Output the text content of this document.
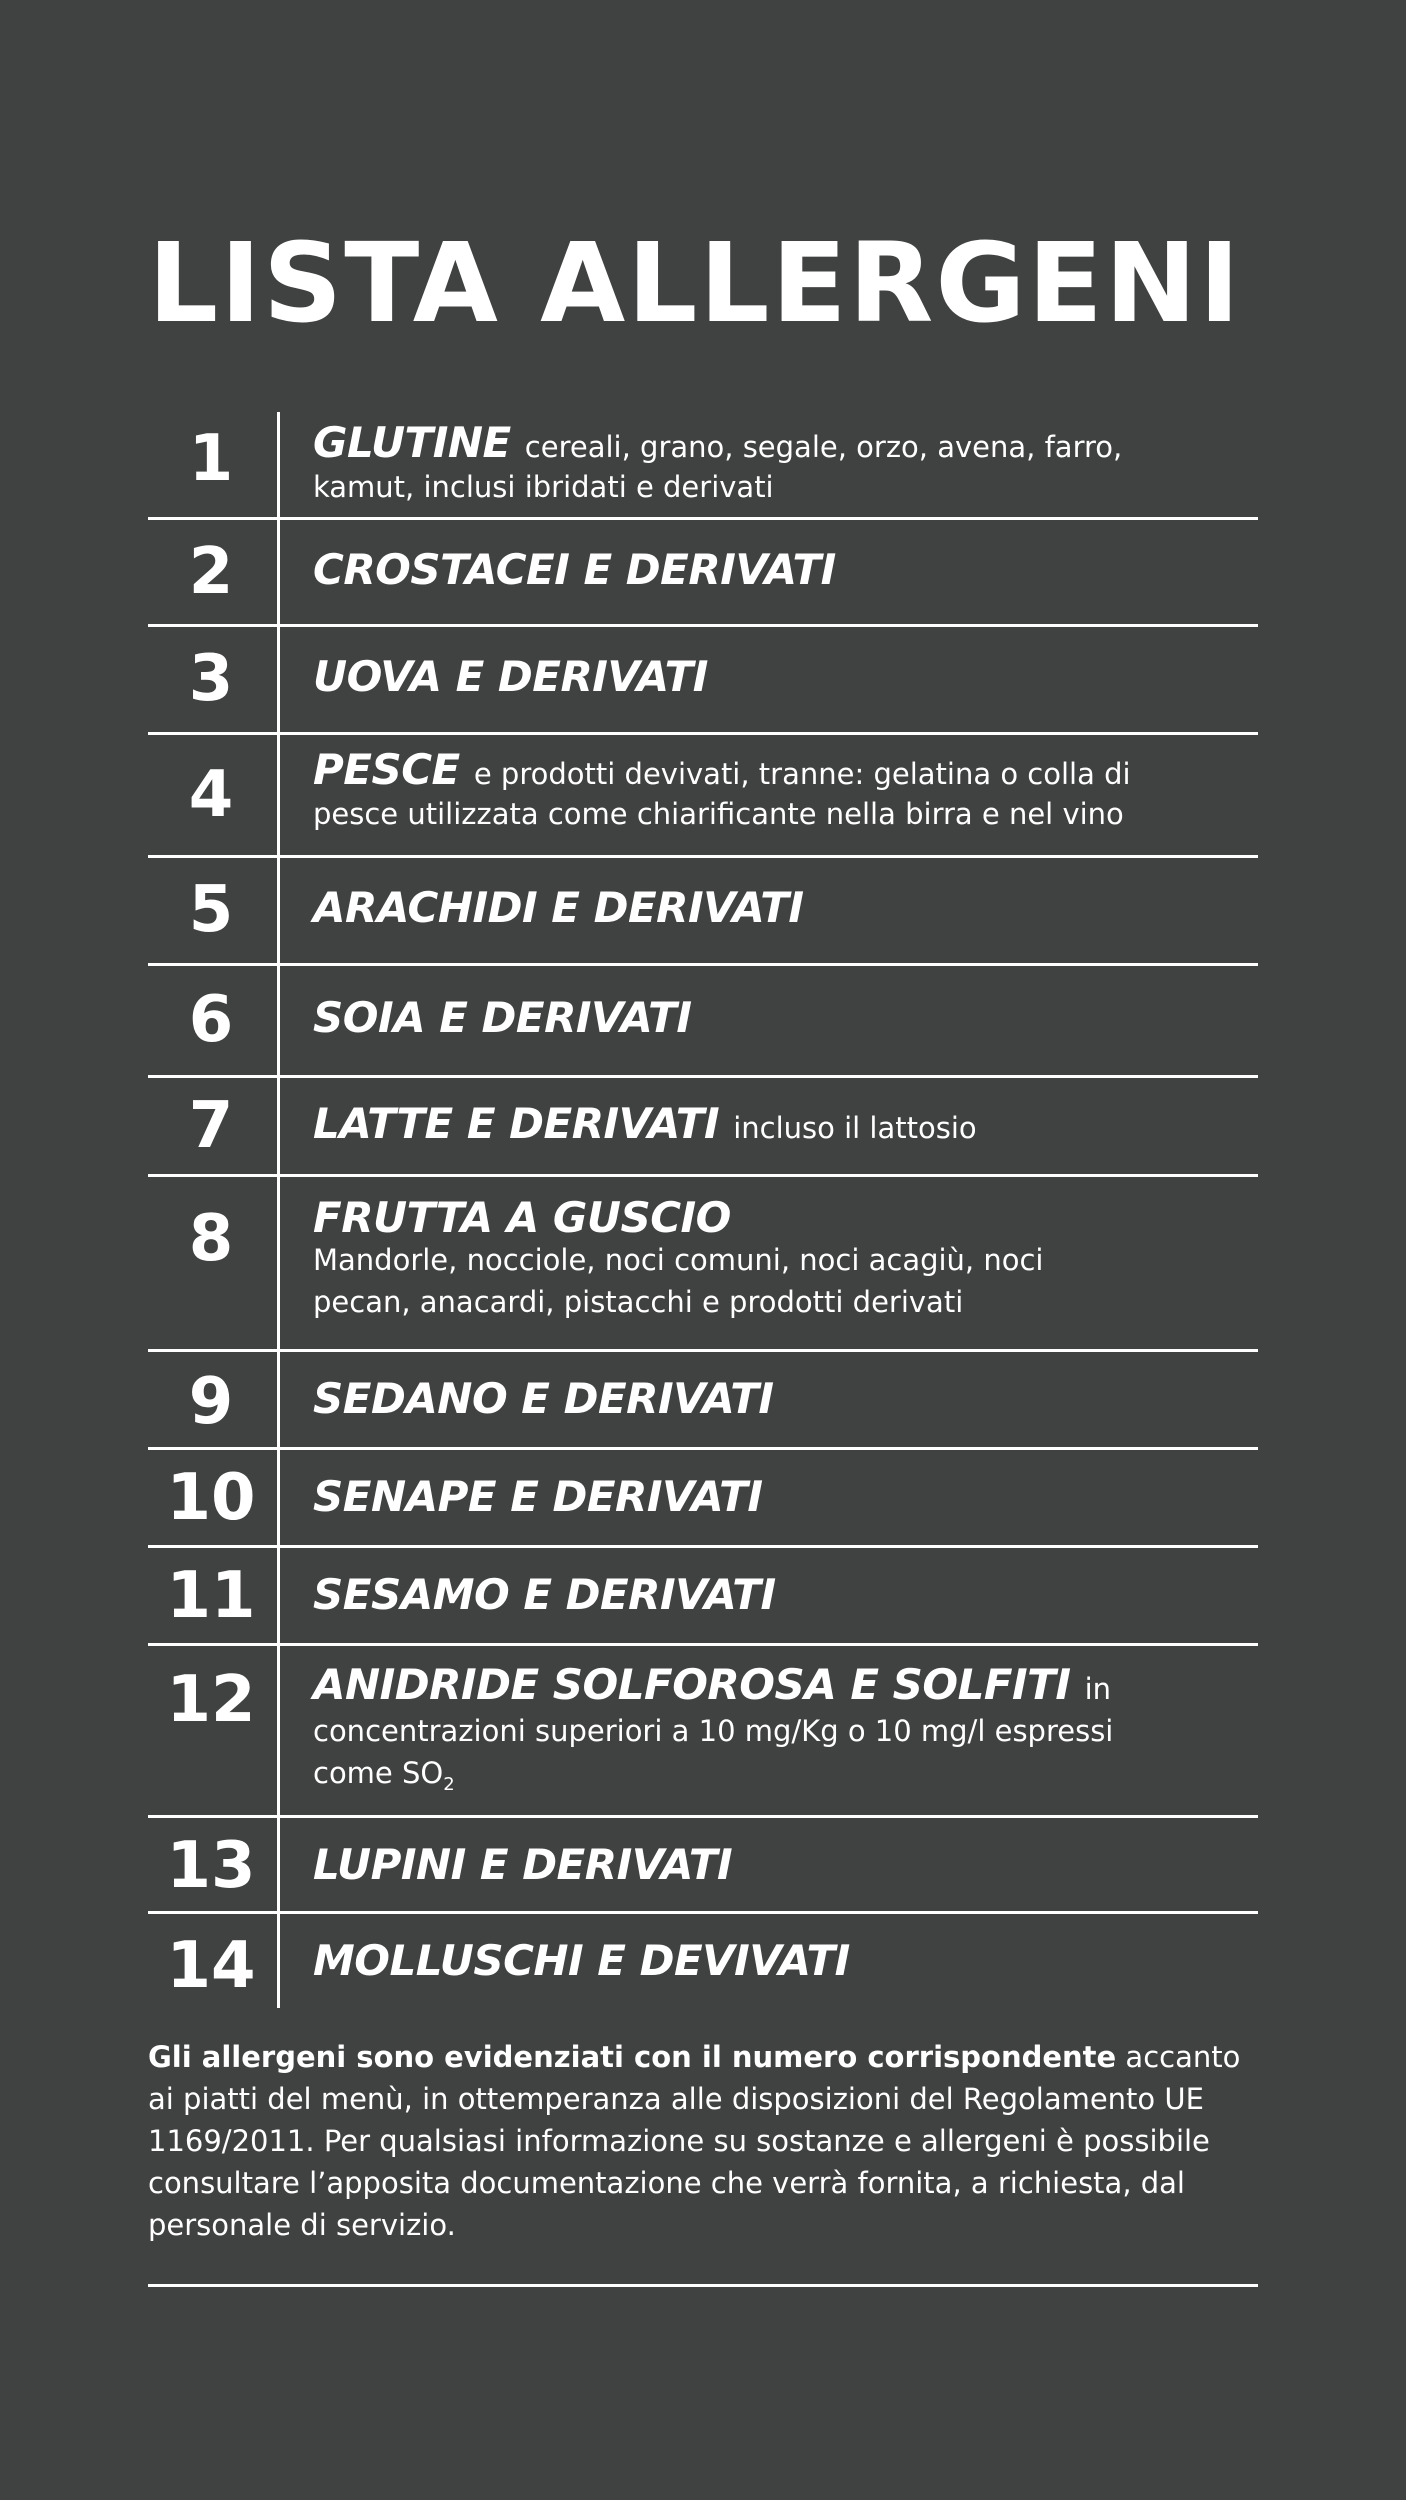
LISTA ALLERGENI
1	GLUTINE cereali, grano, segale, orzo, avena, farro,
kamut, inclusi ibridati e derivati
2	CROSTACEI E DERIVATI
3	UOVA E DERIVATI
4	PESCE e prodotti devivati, tranne: gelatina o colla di
pesce utilizzata come chiarificante nella birra e nel vino
5	ARACHIDI E DERIVATI
6	SOIA E DERIVATI
7	LATTE E DERIVATI incluso il lattosio
8	FRUTTA A GUSCIO
Mandorle, nocciole, noci comuni, noci acagiù, noci
pecan, anacardi, pistacchi e prodotti derivati
9	SEDANO E DERIVATI
10	SENAPE E DERIVATI
11	SESAMO E DERIVATI
12	ANIDRIDE SOLFOROSA E SOLFITI in
concentrazioni superiori a 10 mg/Kg o 10 mg/l espressi
come $SO_2$
13	LUPINI E DERIVATI
14	MOLLUSCHI E DEVIVATI

Gli allergeni sono evidenziati con il numero corrispondente accanto ai piatti del menù, in ottemperanza alle disposizioni del Regolamento UE 1169/2011. Per qualsiasi informazione su sostanze e allergeni è possibile consultare l’apposita documentazione che verrà fornita, a richiesta, dal personale di servizio.
